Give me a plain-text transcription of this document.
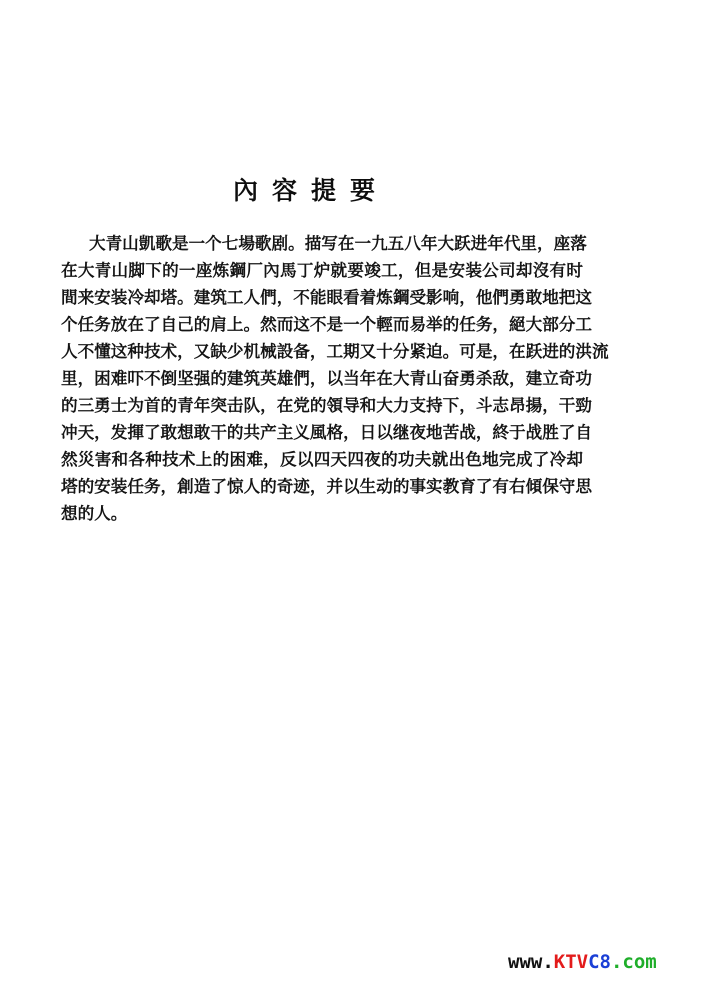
內容提要
大青山凱歌是一个七場歌剧。描写在一九五八年大跃进年代里，座落
在大青山脚下的一座炼鋼厂內馬丁炉就要竣工，但是安装公司却沒有时
間来安装冷却塔。建筑工人們，不能眼看着炼鋼受影响，他們勇敢地把这
个任务放在了自己的肩上。然而这不是一个輕而易举的任务，絕大部分工
人不懂这种技术，又缺少机械設备，工期又十分紧迫。可是，在跃进的洪流
里，困难吓不倒坚强的建筑英雄們，以当年在大青山奋勇杀敌，建立奇功
的三勇士为首的青年突击队，在党的領导和大力支持下，斗志昂揚，干勁
冲天，发揮了敢想敢干的共产主义風格，日以继夜地苦战，終于战胜了自
然災害和各种技术上的困难，反以四天四夜的功夫就出色地完成了冷却
塔的安装任务，創造了惊人的奇迹，并以生动的事实教育了有右傾保守思
想的人。
www.KTVC8.com
